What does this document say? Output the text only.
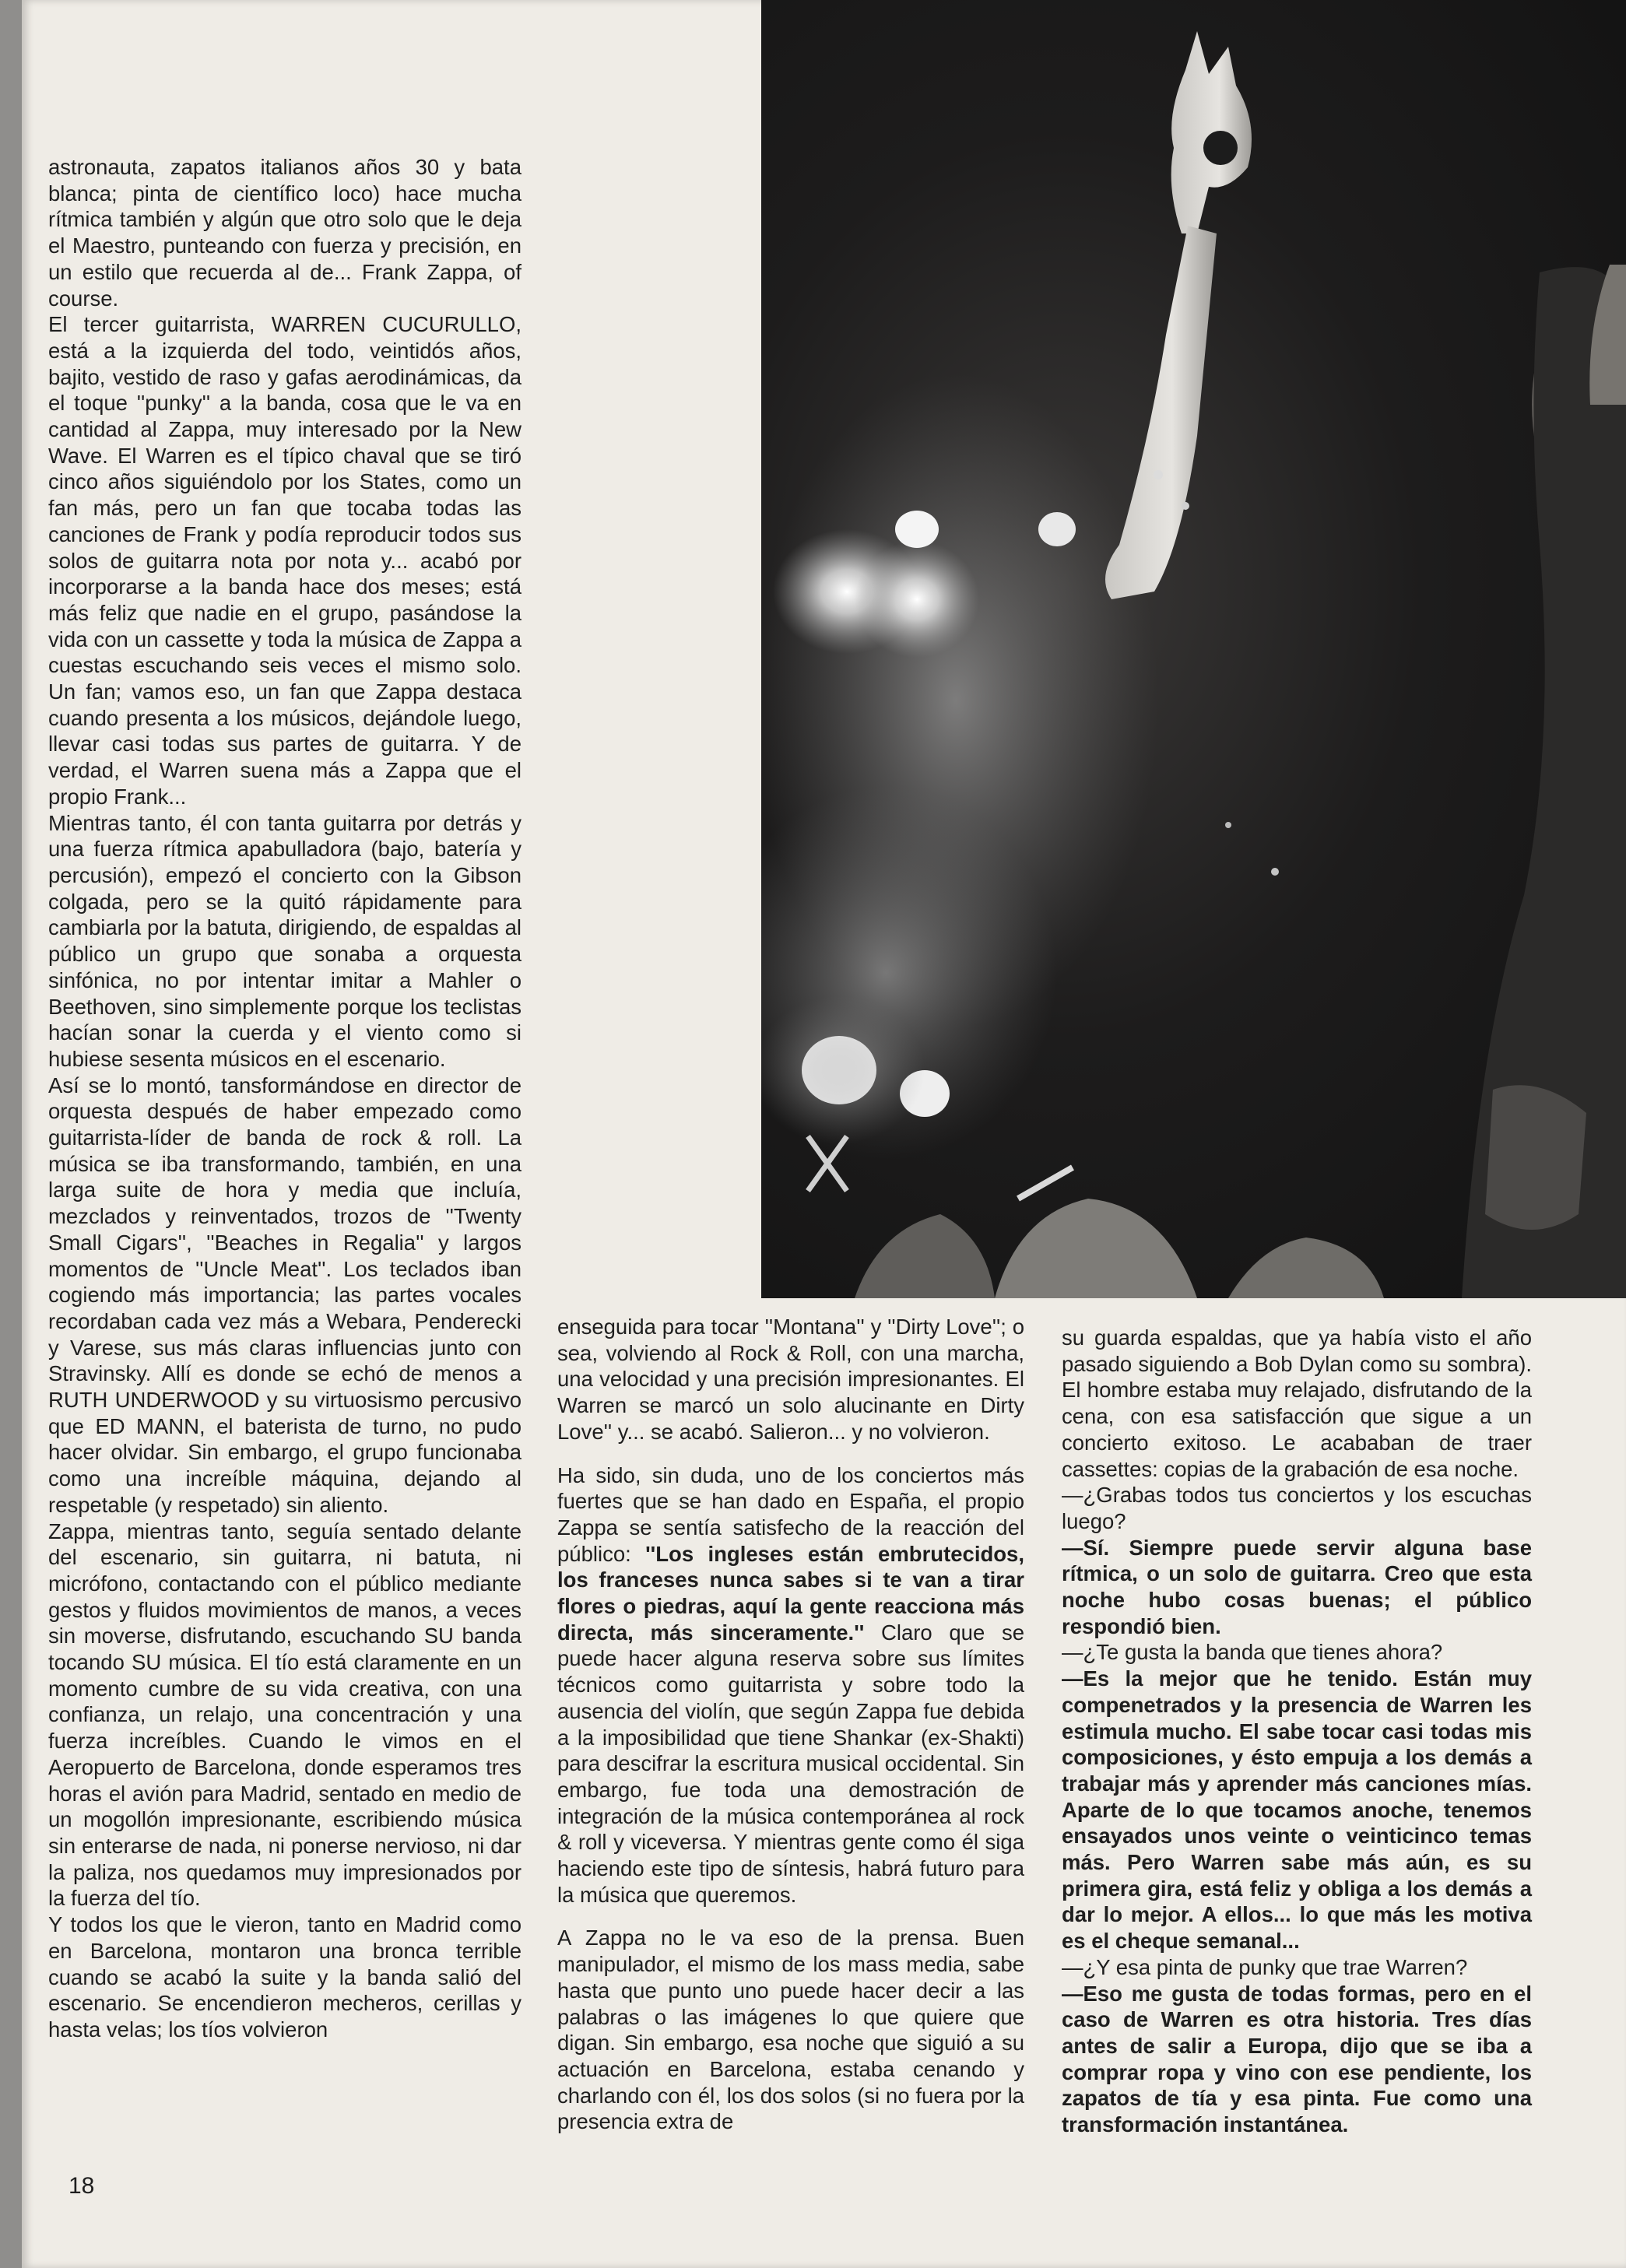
astronauta, zapatos italianos años 30 y bata blanca; pinta de científico loco) hace mucha rítmica también y algún que otro solo que le deja el Maestro, punteando con fuerza y precisión, en un estilo que recuerda al de... Frank Zappa, of course.

El tercer guitarrista, WARREN CUCURULLO, está a la izquierda del todo, veintidós años, bajito, vestido de raso y gafas aerodinámicas, da el toque ''punky'' a la banda, cosa que le va en cantidad al Zappa, muy interesado por la New Wave. El Warren es el típico chaval que se tiró cinco años siguiéndolo por los States, como un fan más, pero un fan que tocaba todas las canciones de Frank y podía reproducir todos sus solos de guitarra nota por nota y... acabó por incorporarse a la banda hace dos meses; está más feliz que nadie en el grupo, pasándose la vida con un cassette y toda la música de Zappa a cuestas escuchando seis veces el mismo solo. Un fan; vamos eso, un fan que Zappa destaca cuando presenta a los músicos, dejándole luego, llevar casi todas sus partes de guitarra. Y de verdad, el Warren suena más a Zappa que el propio Frank...

Mientras tanto, él con tanta guitarra por detrás y una fuerza rítmica apabulladora (bajo, batería y percusión), empezó el concierto con la Gibson colgada, pero se la quitó rápidamente para cambiarla por la batuta, dirigiendo, de espaldas al público un grupo que sonaba a orquesta sinfónica, no por intentar imitar a Mahler o Beethoven, sino simplemente porque los teclistas hacían sonar la cuerda y el viento como si hubiese sesenta músicos en el escenario.

Así se lo montó, tansformándose en director de orquesta después de haber empezado como guitarrista-líder de banda de rock & roll. La música se iba transformando, también, en una larga suite de hora y media que incluía, mezclados y reinventados, trozos de ''Twenty Small Cigars'', ''Beaches in Regalia'' y largos momentos de ''Uncle Meat''. Los teclados iban cogiendo más importancia; las partes vocales recordaban cada vez más a Webara, Penderecki y Varese, sus más claras influencias junto con Stravinsky. Allí es donde se echó de menos a RUTH UNDERWOOD y su virtuosismo percusivo que ED MANN, el baterista de turno, no pudo hacer olvidar. Sin embargo, el grupo funcionaba como una increíble máquina, dejando al respetable (y respetado) sin aliento.

Zappa, mientras tanto, seguía sentado delante del escenario, sin guitarra, ni batuta, ni micrófono, contactando con el público mediante gestos y fluidos movimientos de manos, a veces sin moverse, disfrutando, escuchando SU banda tocando SU música. El tío está claramente en un momento cumbre de su vida creativa, con una confianza, un relajo, una concentración y una fuerza increíbles. Cuando le vimos en el Aeropuerto de Barcelona, donde esperamos tres horas el avión para Madrid, sentado en medio de un mogollón impresionante, escribiendo música sin enterarse de nada, ni ponerse nervioso, ni dar la paliza, nos quedamos muy impresionados por la fuerza del tío.

Y todos los que le vieron, tanto en Madrid como en Barcelona, montaron una bronca terrible cuando se acabó la suite y la banda salió del escenario. Se encendieron mecheros, cerillas y hasta velas; los tíos volvieron

enseguida para tocar ''Montana'' y ''Dirty Love''; o sea, volviendo al Rock & Roll, con una marcha, una velocidad y una precisión impresionantes. El Warren se marcó un solo alucinante en Dirty Love'' y... se acabó. Salieron... y no volvieron.

Ha sido, sin duda, uno de los conciertos más fuertes que se han dado en España, el propio Zappa se sentía satisfecho de la reacción del público: ''Los ingleses están embrutecidos, los franceses nunca sabes si te van a tirar flores o piedras, aquí la gente reacciona más directa, más sinceramente.'' Claro que se puede hacer alguna reserva sobre sus límites técnicos como guitarrista y sobre todo la ausencia del violín, que según Zappa fue debida a la imposibilidad que tiene Shankar (ex-Shakti) para descifrar la escritura musical occidental. Sin embargo, fue toda una demostración de integración de la música contemporánea al rock & roll y viceversa. Y mientras gente como él siga haciendo este tipo de síntesis, habrá futuro para la música que queremos.

A Zappa no le va eso de la prensa. Buen manipulador, el mismo de los mass media, sabe hasta que punto uno puede hacer decir a las palabras o las imágenes lo que quiere que digan. Sin embargo, esa noche que siguió a su actuación en Barcelona, estaba cenando y charlando con él, los dos solos (si no fuera por la presencia extra de

su guarda espaldas, que ya había visto el año pasado siguiendo a Bob Dylan como su sombra). El hombre estaba muy relajado, disfrutando de la cena, con esa satisfacción que sigue a un concierto exitoso. Le acababan de traer cassettes: copias de la grabación de esa noche.

—¿Grabas todos tus conciertos y los escuchas luego?

—Sí. Siempre puede servir alguna base rítmica, o un solo de guitarra. Creo que esta noche hubo cosas buenas; el público respondió bien.

—¿Te gusta la banda que tienes ahora?

—Es la mejor que he tenido. Están muy compenetrados y la presencia de Warren les estimula mucho. El sabe tocar casi todas mis composiciones, y ésto empuja a los demás a trabajar más y aprender más canciones mías. Aparte de lo que tocamos anoche, tenemos ensayados unos veinte o veinticinco temas más. Pero Warren sabe más aún, es su primera gira, está feliz y obliga a los demás a dar lo mejor. A ellos... lo que más les motiva es el cheque semanal...

—¿Y esa pinta de punky que trae Warren?

—Eso me gusta de todas formas, pero en el caso de Warren es otra historia. Tres días antes de salir a Europa, dijo que se iba a comprar ropa y vino con ese pendiente, los zapatos de tía y esa pinta. Fue como una transformación instantánea.

18
